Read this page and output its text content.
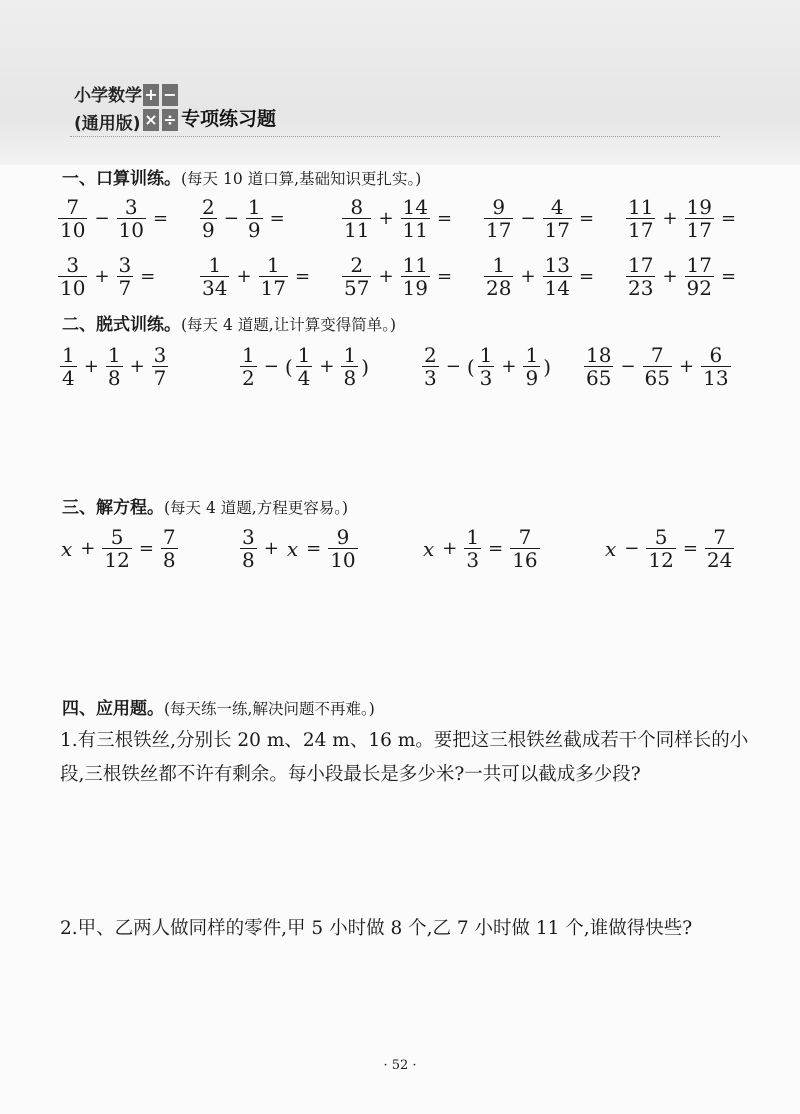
小学数学
(通用版)
+ −
× ÷ 专项练习题
一、口算训练。(每天 10 道口算,基础知识更扎实。)
$\frac{7}{10} - \frac{3}{10} = \frac{2}{9} - \frac{1}{9}$ =	$\frac{8}{11} + \frac{14}{11} = \frac{9}{17} - \frac{4}{17} = \frac{11}{17} + \frac{19}{17}$ =
$\frac{3}{10} + \frac{3}{7} = \frac{1}{34} + \frac{1}{17} = \frac{2}{57} + \frac{11}{19} = \frac{1}{28} + \frac{13}{14} = \frac{17}{23} + \frac{17}{92}$ =
二、脱式训练。(每天 4 道题,让计算变得简单。)
$\frac{1}{4} + \frac{1}{8} + \frac{3}{7}$	$\frac{1}{2}$ − ( $\frac{1}{4} + \frac{1}{8}$ )	$\frac{2}{3}$ − ( $\frac{1}{3} + \frac{1}{9}$ ) $\frac{18}{65} - \frac{7}{65} + \frac{6}{13}$
三、解方程。(每天 4 道题,方程更容易。)
$x + \frac{5}{12} = \frac{7}{8}$	$\frac{3}{8} + x = \frac{9}{10}$	$x + \frac{1}{3} = \frac{7}{16}$	$x - \frac{5}{12} = \frac{7}{24}$
四、应用题。(每天练一练,解决问题不再难。)
1.有三根铁丝,分别长 20 m、24 m、16 m。要把这三根铁丝截成若干个同样长的小段,三根铁丝都不许有剩余。每小段最长是多少米?一共可以截成多少段?
2.甲、乙两人做同样的零件,甲 5 小时做 8 个,乙 7 小时做 11 个,谁做得快些?
· 52 ·
